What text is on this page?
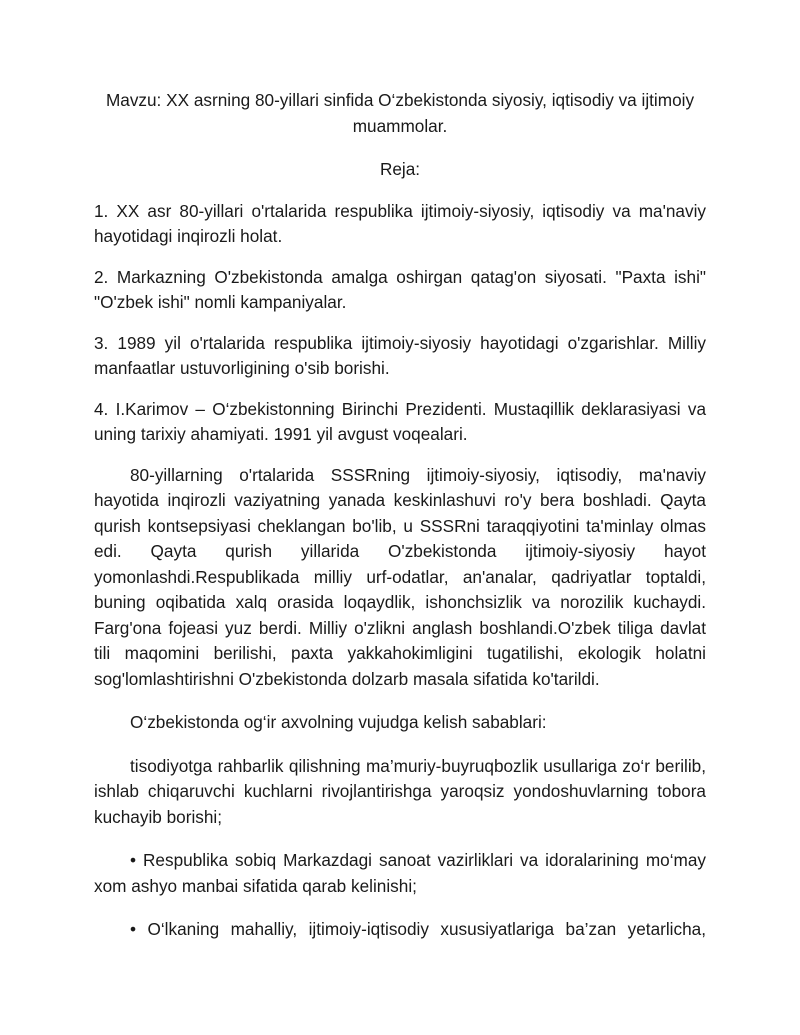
Mavzu: XX asrning 80-yillari sinfida O‘zbekistonda siyosiy, iqtisodiy va ijtimoiy muammolar.

Reja:

1. XX asr 80-yillari o'rtalarida respublika ijtimoiy-siyosiy, iqtisodiy va ma'naviy hayotidagi inqirozli holat.

2. Markazning O'zbekistonda amalga oshirgan qatag'on siyosati. "Paxta ishi" "O'zbek ishi" nomli kampaniyalar.

3. 1989 yil o'rtalarida respublika ijtimoiy-siyosiy hayotidagi o'zgarishlar. Milliy manfaatlar ustuvorligining o'sib borishi.

4. I.Karimov – O‘zbekistonning Birinchi Prezidenti. Mustaqillik deklarasiyasi va uning tarixiy ahamiyati. 1991 yil avgust voqealari.

80-yillarning o'rtalarida SSSRning ijtimoiy-siyosiy, iqtisodiy, ma'naviy hayotida inqirozli vaziyatning yanada keskinlashuvi ro'y bera boshladi. Qayta qurish kontsepsiyasi cheklangan bo'lib, u SSSRni taraqqiyotini ta'minlay olmas edi. Qayta qurish yillarida O'zbekistonda ijtimoiy-siyosiy hayot yomonlashdi.Respublikada milliy urf-odatlar, an'analar, qadriyatlar toptaldi, buning oqibatida xalq orasida loqaydlik, ishonchsizlik va norozilik kuchaydi. Farg'ona fojeasi yuz berdi. Milliy o'zlikni anglash boshlandi.O'zbek tiliga davlat tili maqomini berilishi, paxta yakkahokimligini tugatilishi, ekologik holatni sog'lomlashtirishni O'zbekistonda dolzarb masala sifatida ko'tarildi.

O‘zbekistonda og‘ir axvolning vujudga kelish sabablari:

tisodiyotga rahbarlik qilishning ma’muriy-buyruqbozlik usullariga zo‘r berilib, ishlab chiqaruvchi kuchlarni rivojlantirishga yaroqsiz yondoshuvlarning tobora kuchayib borishi;

• Respublika sobiq Markazdagi sanoat vazirliklari va idoralarining mo‘may xom ashyo manbai sifatida qarab kelinishi;

• O‘lkaning mahalliy, ijtimoiy-iqtisodiy xususiyatlariga ba’zan yetarlicha,
